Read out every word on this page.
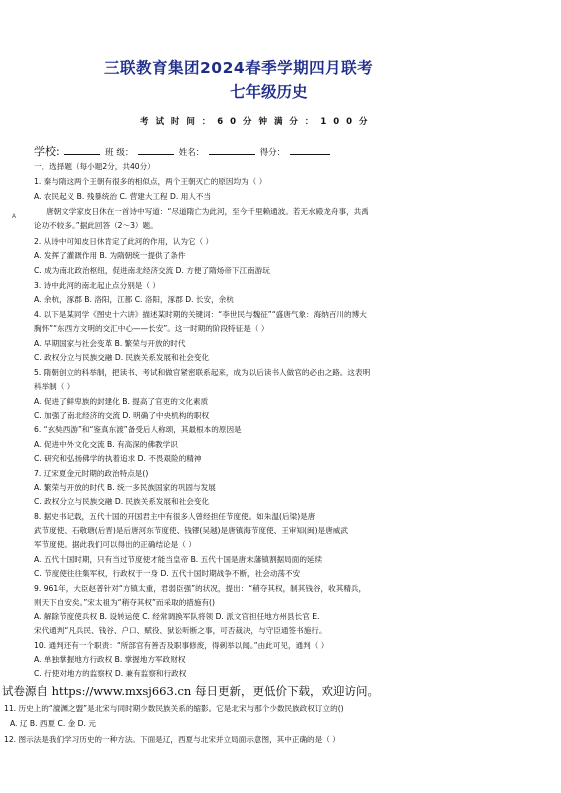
三联教育集团2024春季学期四月联考
七年级历史
考 试 时 间 ： 6 0 分 钟 满 分 ： 1 0 0 分
学校:	班 级：	姓名：	得分：
A
一．选择题（每小题2分，共40分）
1. 秦与隋这两个王朝有很多的相似点，两个王朝灭亡的原因均为（ ）
A. 农民起义 B. 残暴统治 C. 营建大工程 D. 用人不当
唐朝文学家皮日休在一首诗中写道：“尽道隋亡为此河，至今千里赖通波。若无水殿龙舟事，共禹
论功不较多。”据此回答（2～3）题。
2. 从诗中可知皮日休肯定了此河的作用，认为它（ ）
A. 发挥了灌溉作用 B. 为隋朝统一提供了条件
C. 成为南北政治枢纽，促进南北经济交流 D. 方便了隋炀帝下江南游玩
3. 诗中此河的南北起止点分别是（ ）
A. 余杭，涿郡 B. 洛阳，江都 C. 洛阳，涿郡 D. 长安，余杭
4. 以下是某同学《图史十六讲》描述某时期的关键词：“李世民与魏征”“盛唐气象：海纳百川的博大
胸怀”“东西方文明的交汇中心——长安”。这一时期的阶段特征是（ ）
A. 早期国家与社会变革 B. 繁荣与开放的时代
C. 政权分立与民族交融 D. 民族关系发展和社会变化
5. 隋朝创立的科举制，把读书、考试和做官紧密联系起来，成为以后读书人做官的必由之路。这表明
科举制（ ）
A. 促进了鲜卑族的封建化 B. 提高了官吏的文化素质
C. 加强了南北经济的交流 D. 明确了中央机构的职权
6. “玄奘西游”和“鉴真东渡”备受后人称颂，其最根本的原因是
A. 促进中外文化交流 B. 有高深的佛教学识
C. 研究和弘扬佛学的执着追求 D. 不畏艰险的精神
7. 辽宋夏金元时期的政治特点是()
A. 繁荣与开放的时代 B. 统一多民族国家的巩固与发展
C. 政权分立与民族交融 D. 民族关系发展和社会变化
8. 据史书记载，五代十国的开国君主中有很多人曾经担任节度使。如朱温(后梁)是唐
武节度使、石敬瑭(后晋)是后唐河东节度使、钱镠(吴越)是唐镇海节度使、王审知(闽)是唐威武
军节度使。据此我们可以得出的正确结论是（ ）
A. 五代十国时期，只有当过节度使才能当皇帝 B. 五代十国是唐末藩镇割据局面的延续
C. 节度使往往集军权，行政权于一身 D. 五代十国时期战争不断，社会动荡不安
9. 961年，大臣赵普针对“方镇太重，君弱臣强”的状况，提出：“稍夺其权，制其钱谷，收其精兵，
则天下自安矣。”宋太祖为“稍夺其权”而采取的措施有()
A. 解除节度使兵权 B. 设转运使 C. 经常调换军队将领 D. 派文官担任地方州县长官 E.
宋代通判“凡兵民、钱谷、户口、赋役、狱讼听断之事，可否裁决，与守臣通签书施行。
10. 通判还有一个职责：“所部官有善否及职事修废，得刺举以闻。”由此可见，通判（ ）
A. 单独掌握地方行政权 B. 掌握地方军政财权
C. 行使对地方的监察权 D. 兼有监察和行政权
试卷源自 https://www.mxsj663.cn 每日更新，更低价下载，欢迎访问。
11. 历史上的“澶渊之盟”是北宋与同时期少数民族关系的缩影。它是北宋与那个少数民族政权订立的()
A. 辽 B. 西夏 C. 金 D. 元
12. 图示法是我们学习历史的一种方法。下面是辽，西夏与北宋并立局面示意图，其中正确的是（ ）
